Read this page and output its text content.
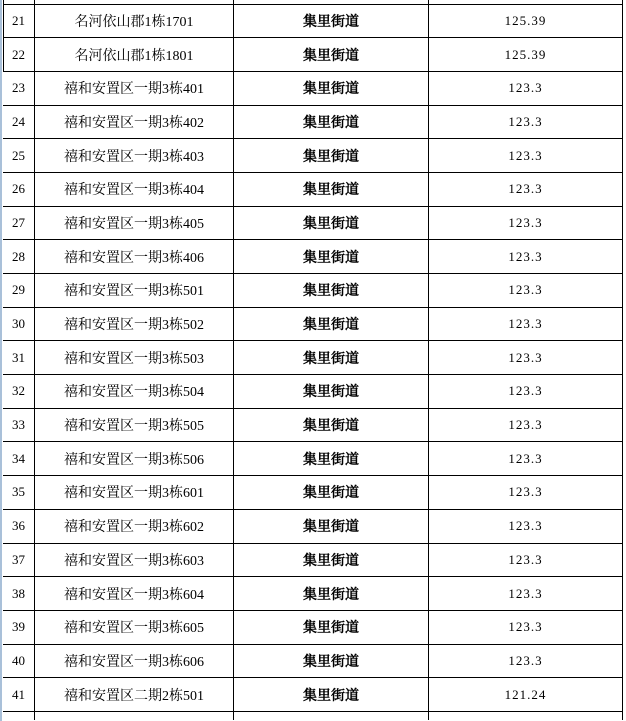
21	名河依山郡1栋1701	集里街道	125.39
22	名河依山郡1栋1801	集里街道	125.39
23	禧和安置区一期3栋401	集里街道	123.3
24	禧和安置区一期3栋402	集里街道	123.3
25	禧和安置区一期3栋403	集里街道	123.3
26	禧和安置区一期3栋404	集里街道	123.3
27	禧和安置区一期3栋405	集里街道	123.3
28	禧和安置区一期3栋406	集里街道	123.3
29	禧和安置区一期3栋501	集里街道	123.3
30	禧和安置区一期3栋502	集里街道	123.3
31	禧和安置区一期3栋503	集里街道	123.3
32	禧和安置区一期3栋504	集里街道	123.3
33	禧和安置区一期3栋505	集里街道	123.3
34	禧和安置区一期3栋506	集里街道	123.3
35	禧和安置区一期3栋601	集里街道	123.3
36	禧和安置区一期3栋602	集里街道	123.3
37	禧和安置区一期3栋603	集里街道	123.3
38	禧和安置区一期3栋604	集里街道	123.3
39	禧和安置区一期3栋605	集里街道	123.3
40	禧和安置区一期3栋606	集里街道	123.3
41	禧和安置区二期2栋501	集里街道	121.24
